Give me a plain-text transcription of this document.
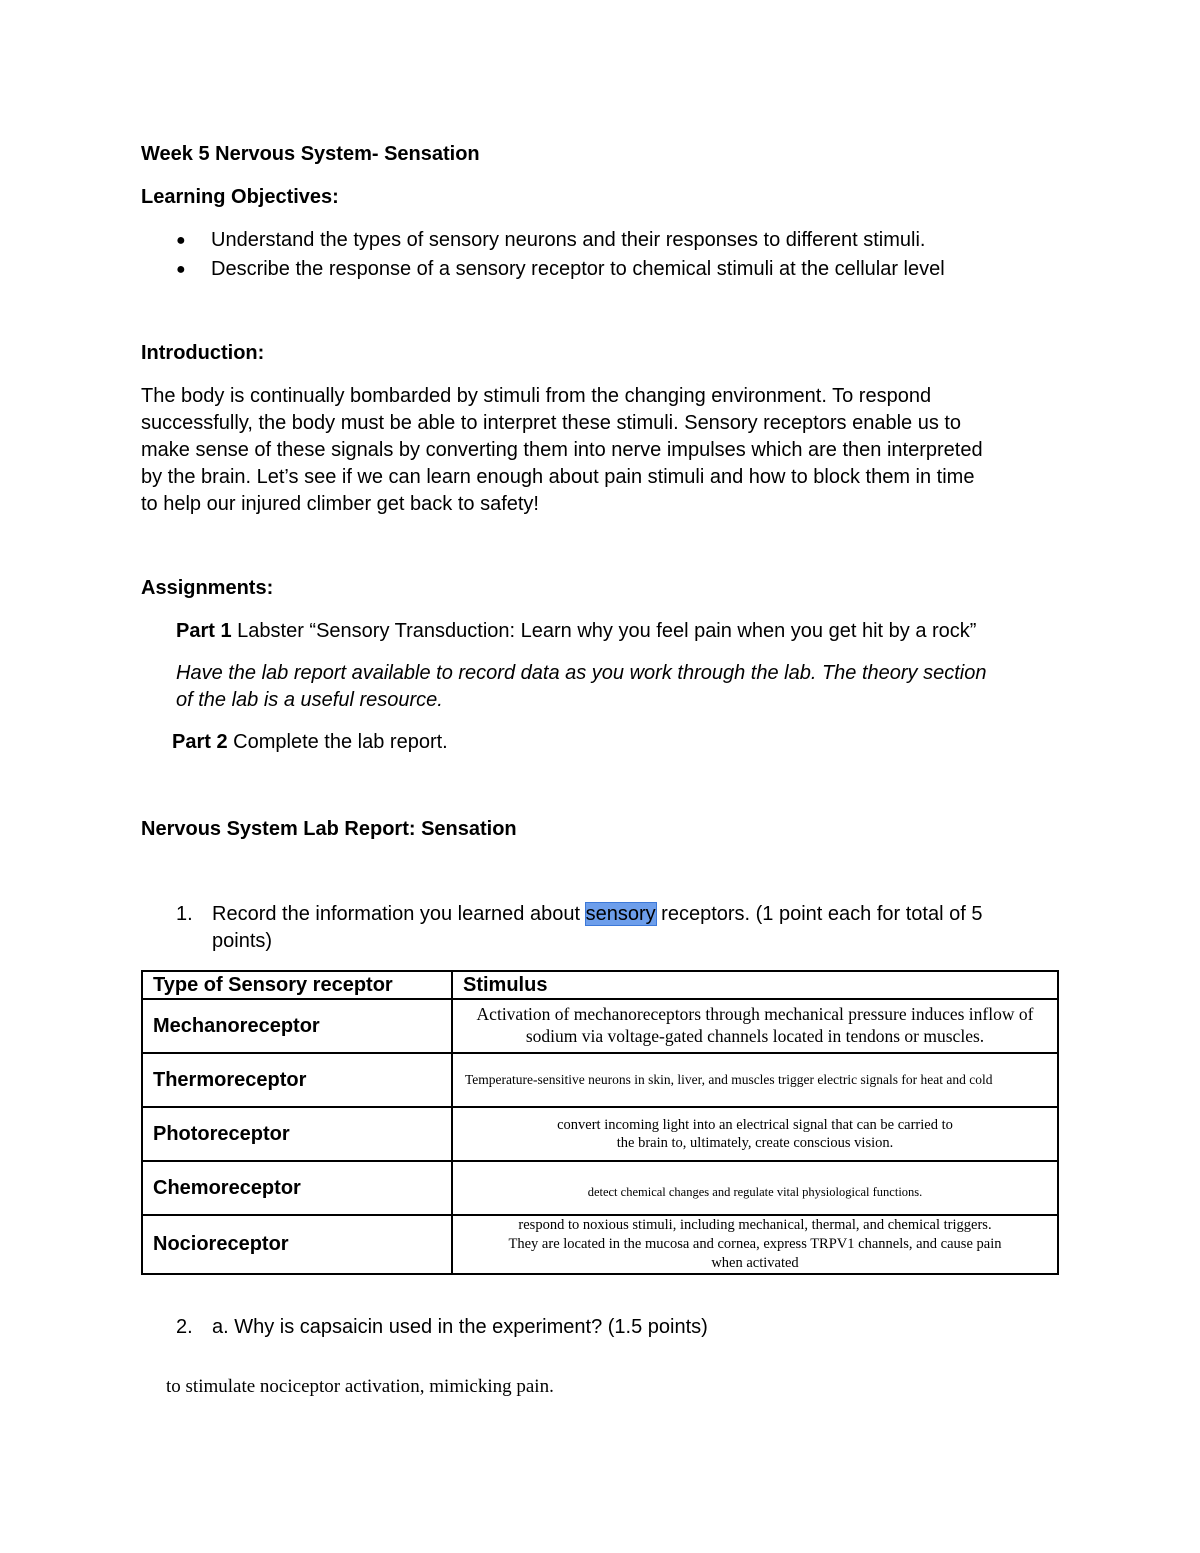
Week 5 Nervous System- Sensation
Learning Objectives:
● Understand the types of sensory neurons and their responses to different stimuli.
● Describe the response of a sensory receptor to chemical stimuli at the cellular level
Introduction:
The body is continually bombarded by stimuli from the changing environment. To respond
successfully, the body must be able to interpret these stimuli. Sensory receptors enable us to
make sense of these signals by converting them into nerve impulses which are then interpreted
by the brain. Let’s see if we can learn enough about pain stimuli and how to block them in time
to help our injured climber get back to safety!
Assignments:
Part 1 Labster “Sensory Transduction: Learn why you feel pain when you get hit by a rock”
Have the lab report available to record data as you work through the lab. The theory section
of the lab is a useful resource.
Part 2 Complete the lab report.
Nervous System Lab Report: Sensation
1. Record the information you learned about sensory receptors. (1 point each for total of 5
points)
Type of Sensory receptor	Stimulus
Mechanoreceptor	Activation of mechanoreceptors through mechanical pressure induces inflow of
sodium via voltage-gated channels located in tendons or muscles.

Thermoreceptor	Temperature-sensitive neurons in skin, liver, and muscles trigger electric signals for heat and cold

Photoreceptor	convert incoming light into an electrical signal that can be carried to
the brain to, ultimately, create conscious vision.

Chemoreceptor	detect chemical changes and regulate vital physiological functions.

Nocioreceptor	respond to noxious stimuli, including mechanical, thermal, and chemical triggers.
They are located in the mucosa and cornea, express TRPV1 channels, and cause pain
when activated
2. a. Why is capsaicin used in the experiment? (1.5 points)
to stimulate nociceptor activation, mimicking pain.
